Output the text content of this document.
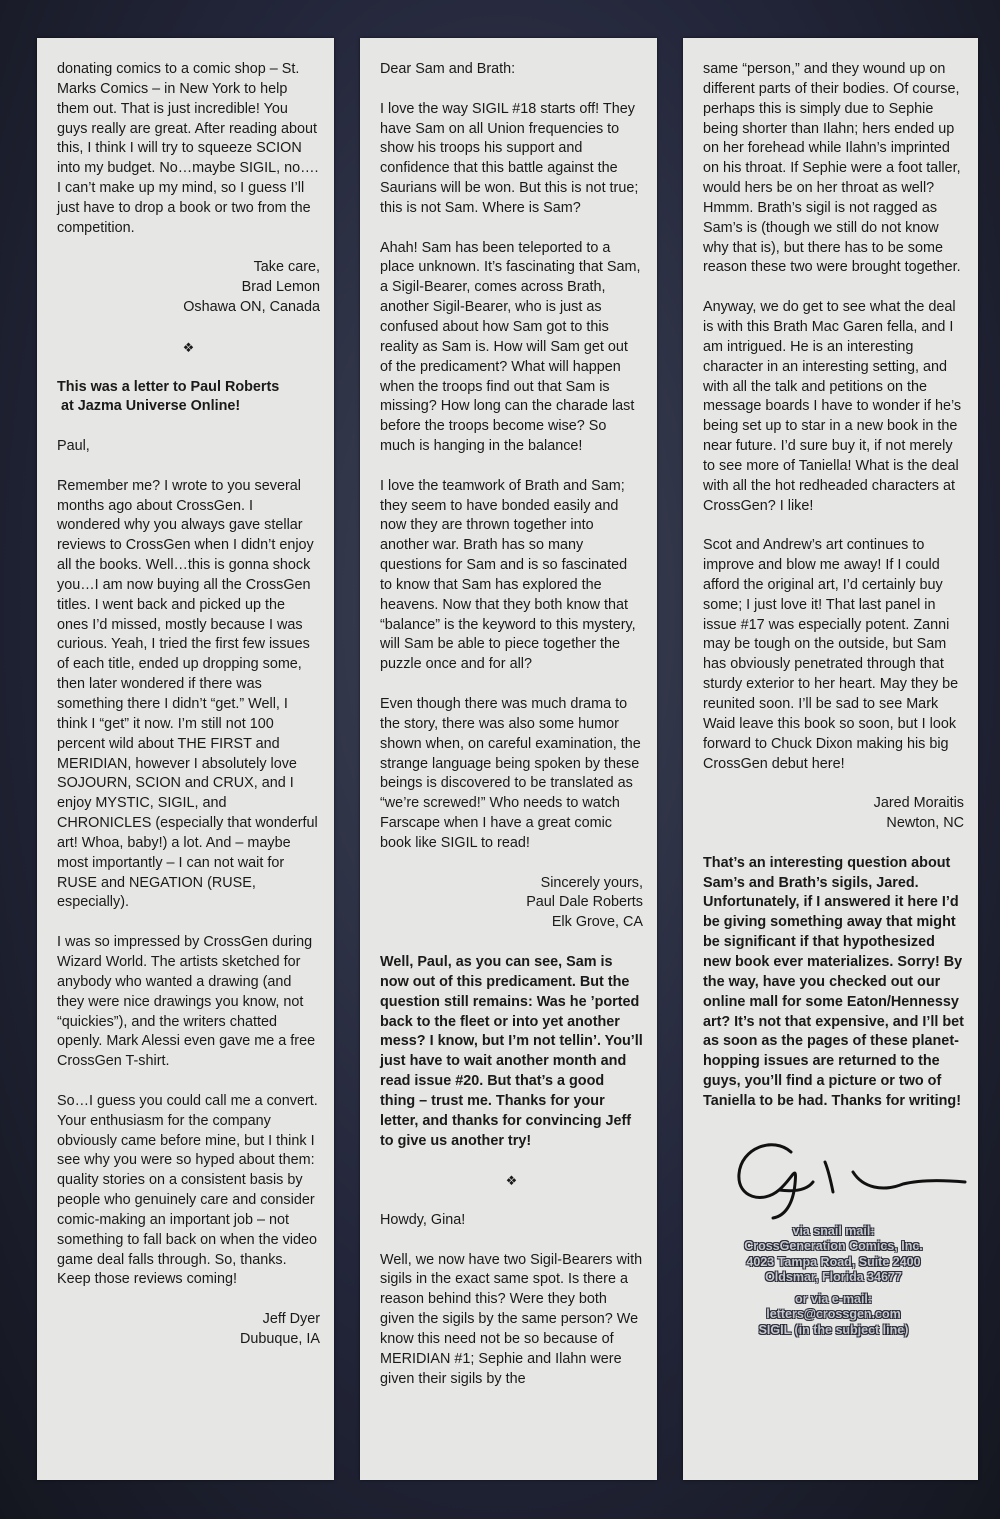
donating comics to a comic shop – St. Marks Comics – in New York to help them out. That is just incredible! You guys really are great. After reading about this, I think I will try to squeeze SCION into my budget. No…maybe SIGIL, no…. I can’t make up my mind, so I guess I’ll just have to drop a book or two from the competition.

Take care,
Brad Lemon
Oshawa ON, Canada

❖

This was a letter to Paul Roberts
at Jazma Universe Online!

Paul,

Remember me? I wrote to you several months ago about CrossGen. I wondered why you always gave stellar reviews to CrossGen when I didn’t enjoy all the books. Well…this is gonna shock you…I am now buying all the CrossGen titles. I went back and picked up the ones I’d missed, mostly because I was curious. Yeah, I tried the first few issues of each title, ended up dropping some, then later wondered if there was something there I didn’t “get.” Well, I think I “get” it now. I’m still not 100 percent wild about THE FIRST and MERIDIAN, however I absolutely love SOJOURN, SCION and CRUX, and I enjoy MYSTIC, SIGIL, and CHRONICLES (especially that wonderful art! Whoa, baby!) a lot. And – maybe most importantly – I can not wait for RUSE and NEGATION (RUSE, especially).

I was so impressed by CrossGen during Wizard World. The artists sketched for anybody who wanted a drawing (and they were nice drawings you know, not “quickies”), and the writers chatted openly. Mark Alessi even gave me a free CrossGen T-shirt.

So…I guess you could call me a convert. Your enthusiasm for the company obviously came before mine, but I think I see why you were so hyped about them: quality stories on a consistent basis by people who genuinely care and consider comic-making an important job – not something to fall back on when the video game deal falls through. So, thanks. Keep those reviews coming!

Jeff Dyer
Dubuque, IA

Dear Sam and Brath:

I love the way SIGIL #18 starts off! They have Sam on all Union frequencies to show his troops his support and confidence that this battle against the Saurians will be won. But this is not true; this is not Sam. Where is Sam?

Ahah! Sam has been teleported to a place unknown. It’s fascinating that Sam, a Sigil-Bearer, comes across Brath, another Sigil-Bearer, who is just as confused about how Sam got to this reality as Sam is. How will Sam get out of the predicament? What will happen when the troops find out that Sam is missing? How long can the charade last before the troops become wise? So much is hanging in the balance!

I love the teamwork of Brath and Sam; they seem to have bonded easily and now they are thrown together into another war. Brath has so many questions for Sam and is so fascinated to know that Sam has explored the heavens. Now that they both know that “balance” is the keyword to this mystery, will Sam be able to piece together the puzzle once and for all?

Even though there was much drama to the story, there was also some humor shown when, on careful examination, the strange language being spoken by these beings is discovered to be translated as “we’re screwed!” Who needs to watch Farscape when I have a great comic book like SIGIL to read!

Sincerely yours,
Paul Dale Roberts
Elk Grove, CA

Well, Paul, as you can see, Sam is now out of this predicament. But the question still remains: Was he ’ported back to the fleet or into yet another mess? I know, but I’m not tellin’. You’ll just have to wait another month and read issue #20. But that’s a good thing – trust me. Thanks for your letter, and thanks for convincing Jeff to give us another try!

❖

Howdy, Gina!

Well, we now have two Sigil-Bearers with sigils in the exact same spot. Is there a reason behind this? Were they both given the sigils by the same person? We know this need not be so because of MERIDIAN #1; Sephie and Ilahn were given their sigils by the

same “person,” and they wound up on different parts of their bodies. Of course, perhaps this is simply due to Sephie being shorter than Ilahn; hers ended up on her forehead while Ilahn’s imprinted on his throat. If Sephie were a foot taller, would hers be on her throat as well? Hmmm. Brath’s sigil is not ragged as Sam’s is (though we still do not know why that is), but there has to be some reason these two were brought together.

Anyway, we do get to see what the deal is with this Brath Mac Garen fella, and I am intrigued. He is an interesting character in an interesting setting, and with all the talk and petitions on the message boards I have to wonder if he’s being set up to star in a new book in the near future. I’d sure buy it, if not merely to see more of Taniella! What is the deal with all the hot redheaded characters at CrossGen? I like!

Scot and Andrew’s art continues to improve and blow me away! If I could afford the original art, I’d certainly buy some; I just love it! That last panel in issue #17 was especially potent. Zanni may be tough on the outside, but Sam has obviously penetrated through that sturdy exterior to her heart. May they be reunited soon. I’ll be sad to see Mark Waid leave this book so soon, but I look forward to Chuck Dixon making his big CrossGen debut here!

Jared Moraitis
Newton, NC

That’s an interesting question about Sam’s and Brath’s sigils, Jared. Unfortunately, if I answered it here I’d be giving something away that might be significant if that hypothesized new book ever materializes. Sorry! By the way, have you checked out our online mall for some Eaton/Hennessy art? It’s not that expensive, and I’ll bet as soon as the pages of these planet-hopping issues are returned to the guys, you’ll find a picture or two of Taniella to be had. Thanks for writing!

via snail mail:
CrossGeneration Comics, Inc.
4023 Tampa Road, Suite 2400
Oldsmar, Florida 34677
or via e-mail:
letters@crossgen.com
SIGIL (in the subject line)
